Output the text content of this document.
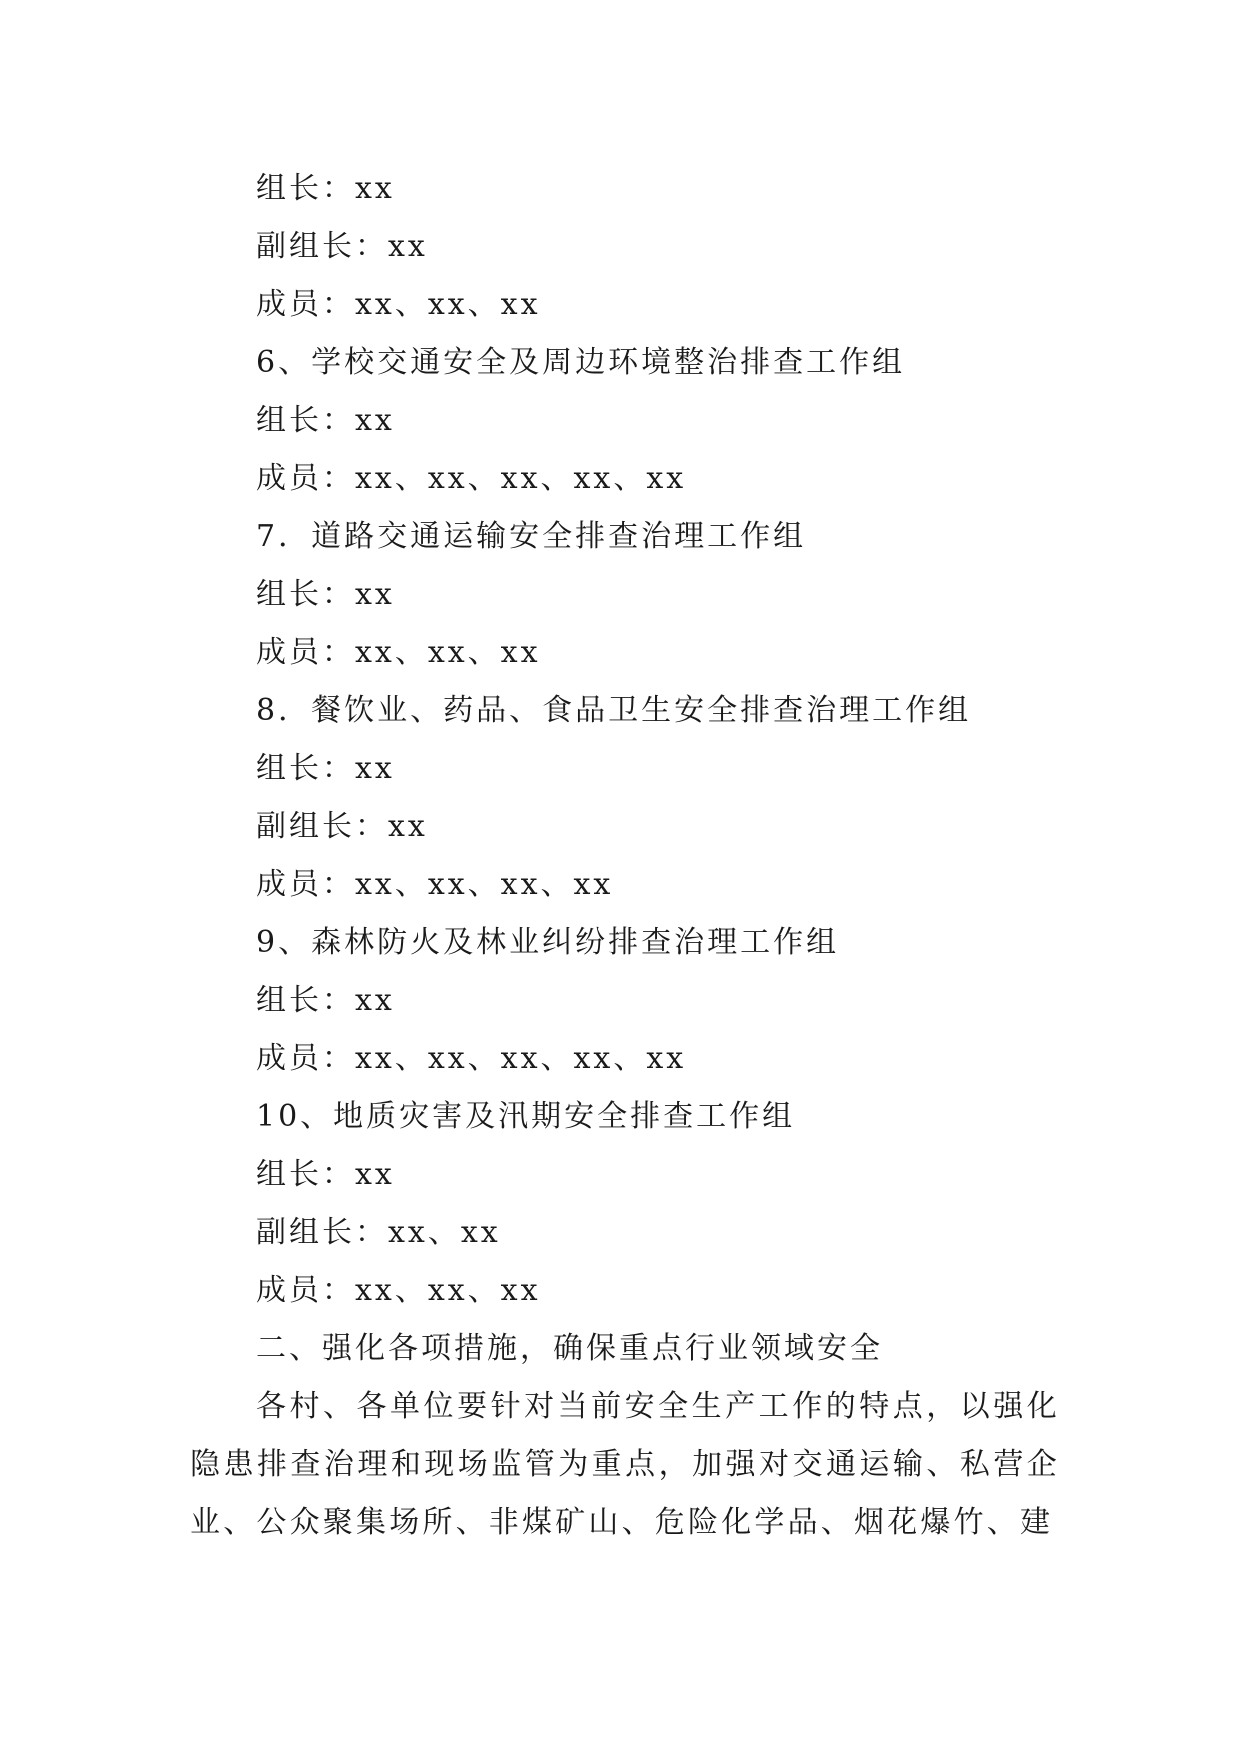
组长：xx
副组长：xx
成员：xx、xx、xx
6、学校交通安全及周边环境整治排查工作组
组长：xx
成员：xx、xx、xx、xx、xx
7．道路交通运输安全排查治理工作组
组长：xx
成员：xx、xx、xx
8．餐饮业、药品、食品卫生安全排查治理工作组
组长：xx
副组长：xx
成员：xx、xx、xx、xx
9、森林防火及林业纠纷排查治理工作组
组长：xx
成员：xx、xx、xx、xx、xx
10、地质灾害及汛期安全排查工作组
组长：xx
副组长：xx、xx
成员：xx、xx、xx
二、强化各项措施，确保重点行业领域安全
各村、各单位要针对当前安全生产工作的特点，以强化隐患排查治理和现场监管为重点，加强对交通运输、私营企业、公众聚集场所、非煤矿山、危险化学品、烟花爆竹、建
